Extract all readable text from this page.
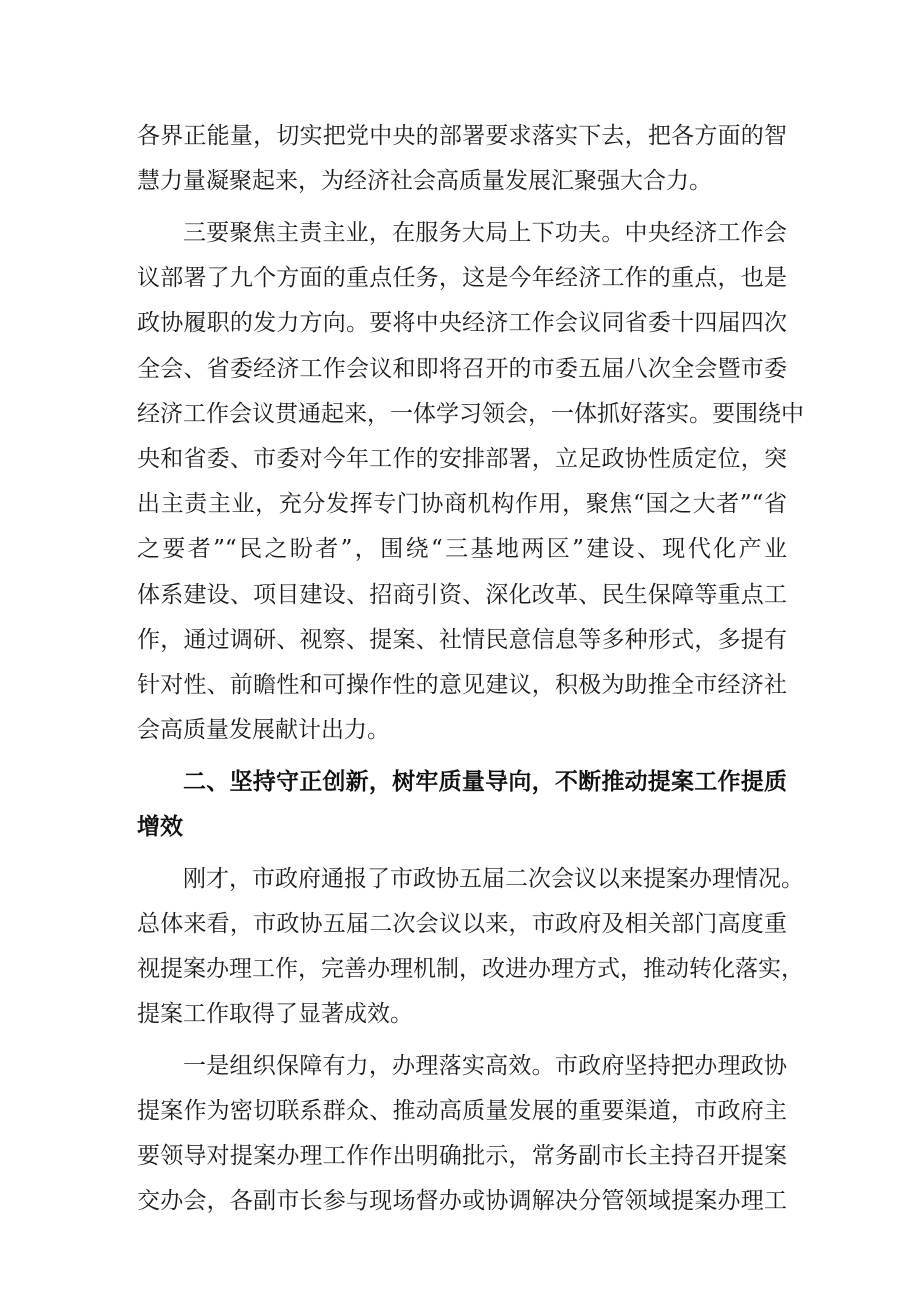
各界正能量，切实把党中央的部署要求落实下去，把各方面的智
慧力量凝聚起来，为经济社会高质量发展汇聚强大合力。
三要聚焦主责主业，在服务大局上下功夫。中央经济工作会
议部署了九个方面的重点任务，这是今年经济工作的重点，也是
政协履职的发力方向。要将中央经济工作会议同省委十四届四次
全会、省委经济工作会议和即将召开的市委五届八次全会暨市委
经济工作会议贯通起来，一体学习领会，一体抓好落实。要围绕中
央和省委、市委对今年工作的安排部署，立足政协性质定位，突
出主责主业，充分发挥专门协商机构作用，聚焦“国之大者”“省
之要者”“民之盼者”，围绕“三基地两区”建设、现代化产业
体系建设、项目建设、招商引资、深化改革、民生保障等重点工
作，通过调研、视察、提案、社情民意信息等多种形式，多提有
针对性、前瞻性和可操作性的意见建议，积极为助推全市经济社
会高质量发展献计出力。
二、坚持守正创新，树牢质量导向，不断推动提案工作提质
增效
刚才，市政府通报了市政协五届二次会议以来提案办理情况。
总体来看，市政协五届二次会议以来，市政府及相关部门高度重
视提案办理工作，完善办理机制，改进办理方式，推动转化落实，
提案工作取得了显著成效。
一是组织保障有力，办理落实高效。市政府坚持把办理政协
提案作为密切联系群众、推动高质量发展的重要渠道，市政府主
要领导对提案办理工作作出明确批示，常务副市长主持召开提案
交办会，各副市长参与现场督办或协调解决分管领域提案办理工
